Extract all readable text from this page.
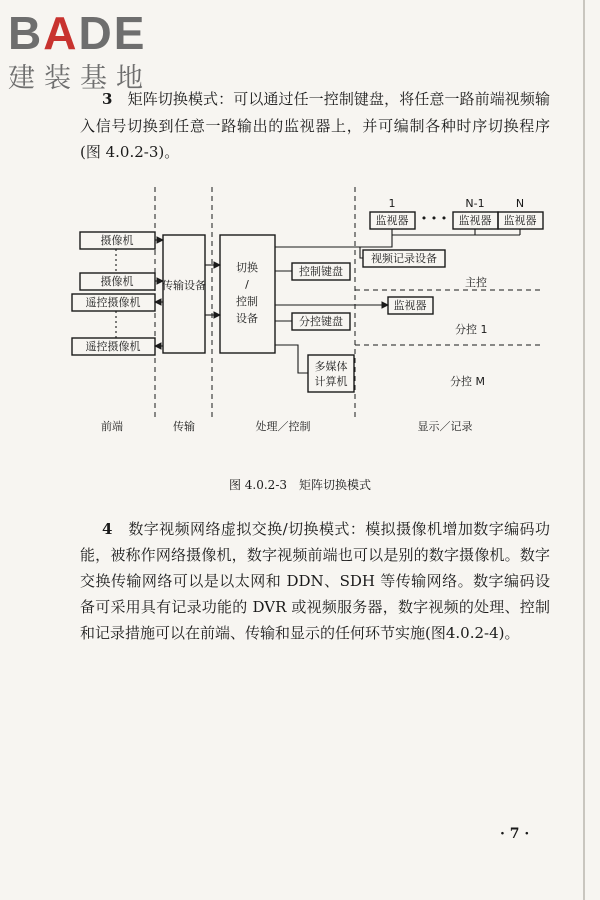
BADE
建装基地
3　 矩阵切换模式：可以通过任一控制键盘，将任意一路前端视频输入信号切换到任意一路输出的监视器上，并可编制各种时序切换程序(图 4.0.2-3)。
摄像机
摄像机
遥控摄像机
遥控摄像机
传输设备
切换
/
控制
设备
控制键盘
分控键盘
多媒体
计算机
视频记录设备
监视器	监视器 监视器
监视器
1	N-1	N
• • •
主控
分控 1
分控 M
前端	传输	处理／控制	显示／记录
图 4.0.2-3　矩阵切换模式
4　 数字视频网络虚拟交换/切换模式：模拟摄像机增加数字编码功能，被称作网络摄像机，数字视频前端也可以是别的数字摄像机。数字交换传输网络可以是以太网和 DDN、SDH 等传输网络。数字编码设备可采用具有记录功能的 DVR 或视频服务器，数字视频的处理、控制和记录措施可以在前端、传输和显示的任何环节实施(图4.0.2-4)。
· 7 ·
